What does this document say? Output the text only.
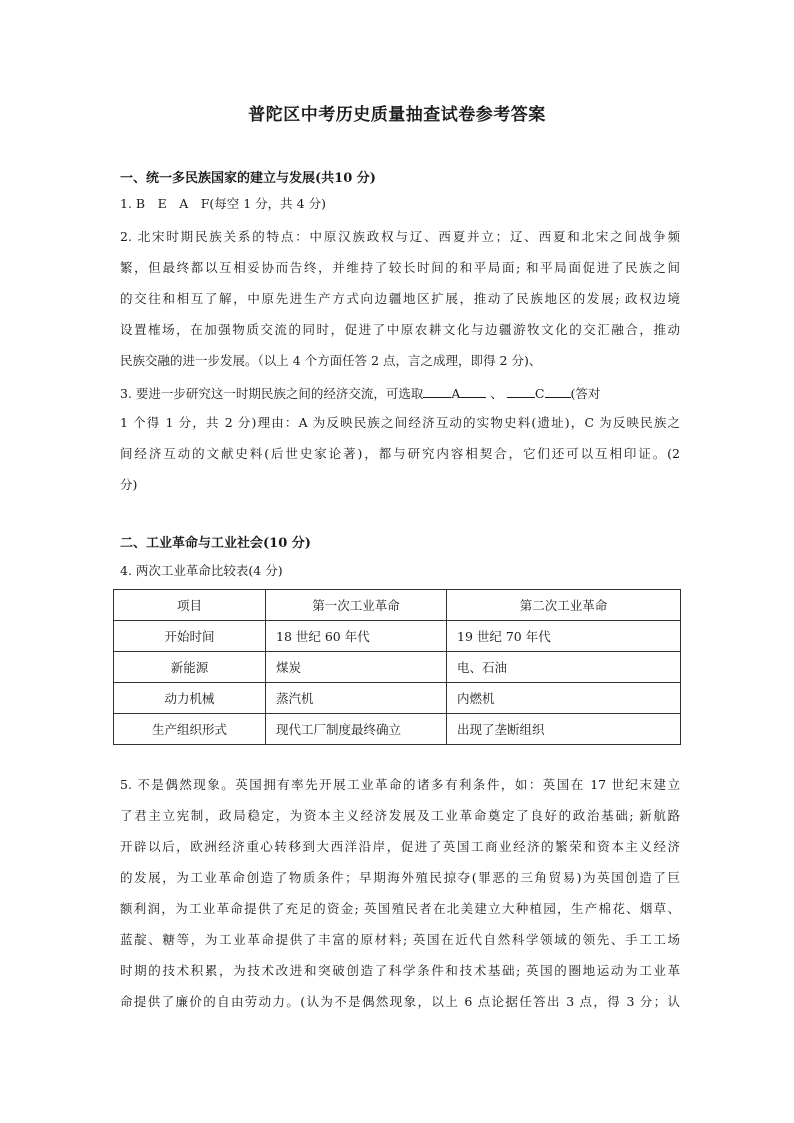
普陀区中考历史质量抽查试卷参考答案
一、统一多民族国家的建立与发展(共10 分)
1. B　E　A　F(每空 1 分，共 4 分)
2. 北宋时期民族关系的特点：中原汉族政权与辽、西夏并立；辽、西夏和北宋之间战争频
繁，但最终都以互相妥协而告终，并维持了较长时间的和平局面; 和平局面促进了民族之间
的交往和相互了解，中原先进生产方式向边疆地区扩展，推动了民族地区的发展; 政权边境
设置榷场，在加强物质交流的同时，促进了中原农耕文化与边疆游牧文化的交汇融合，推动
民族交融的进一步发展。（以上 4 个方面任答 2 点，言之成理，即得 2 分)、
3. 要进一步研究这一时期民族之间的经济交流，可选取 A 、	C (答对
1 个得 1 分，共 2 分)理由：A 为反映民族之间经济互动的实物史料(遗址)，C 为反映民族之
间经济互动的文献史料(后世史家论著)，都与研究内容相契合，它们还可以互相印证。(2
分)
二、工业革命与工业社会(10 分)
4. 两次工业革命比较表(4 分)
项目	第一次工业革命	第二次工业革命
开始时间	18 世纪 60 年代	19 世纪 70 年代
新能源	煤炭	电、石油
动力机械	蒸汽机	内燃机
生产组织形式	现代工厂制度最终确立	出现了垄断组织
5. 不是偶然现象。英国拥有率先开展工业革命的诸多有利条件，如：英国在 17 世纪末建立
了君主立宪制，政局稳定，为资本主义经济发展及工业革命奠定了良好的政治基础; 新航路
开辟以后，欧洲经济重心转移到大西洋沿岸，促进了英国工商业经济的繁荣和资本主义经济
的发展，为工业革命创造了物质条件；早期海外殖民掠夺(罪恶的三角贸易)为英国创造了巨
额利润，为工业革命提供了充足的资金; 英国殖民者在北美建立大种植园，生产棉花、烟草、
蓝靛、糖等，为工业革命提供了丰富的原材料; 英国在近代自然科学领域的领先、手工工场
时期的技术积累，为技术改进和突破创造了科学条件和技术基础; 英国的圈地运动为工业革
命提供了廉价的自由劳动力。(认为不是偶然现象，以上 6 点论据任答出 3 点，得 3 分；认
